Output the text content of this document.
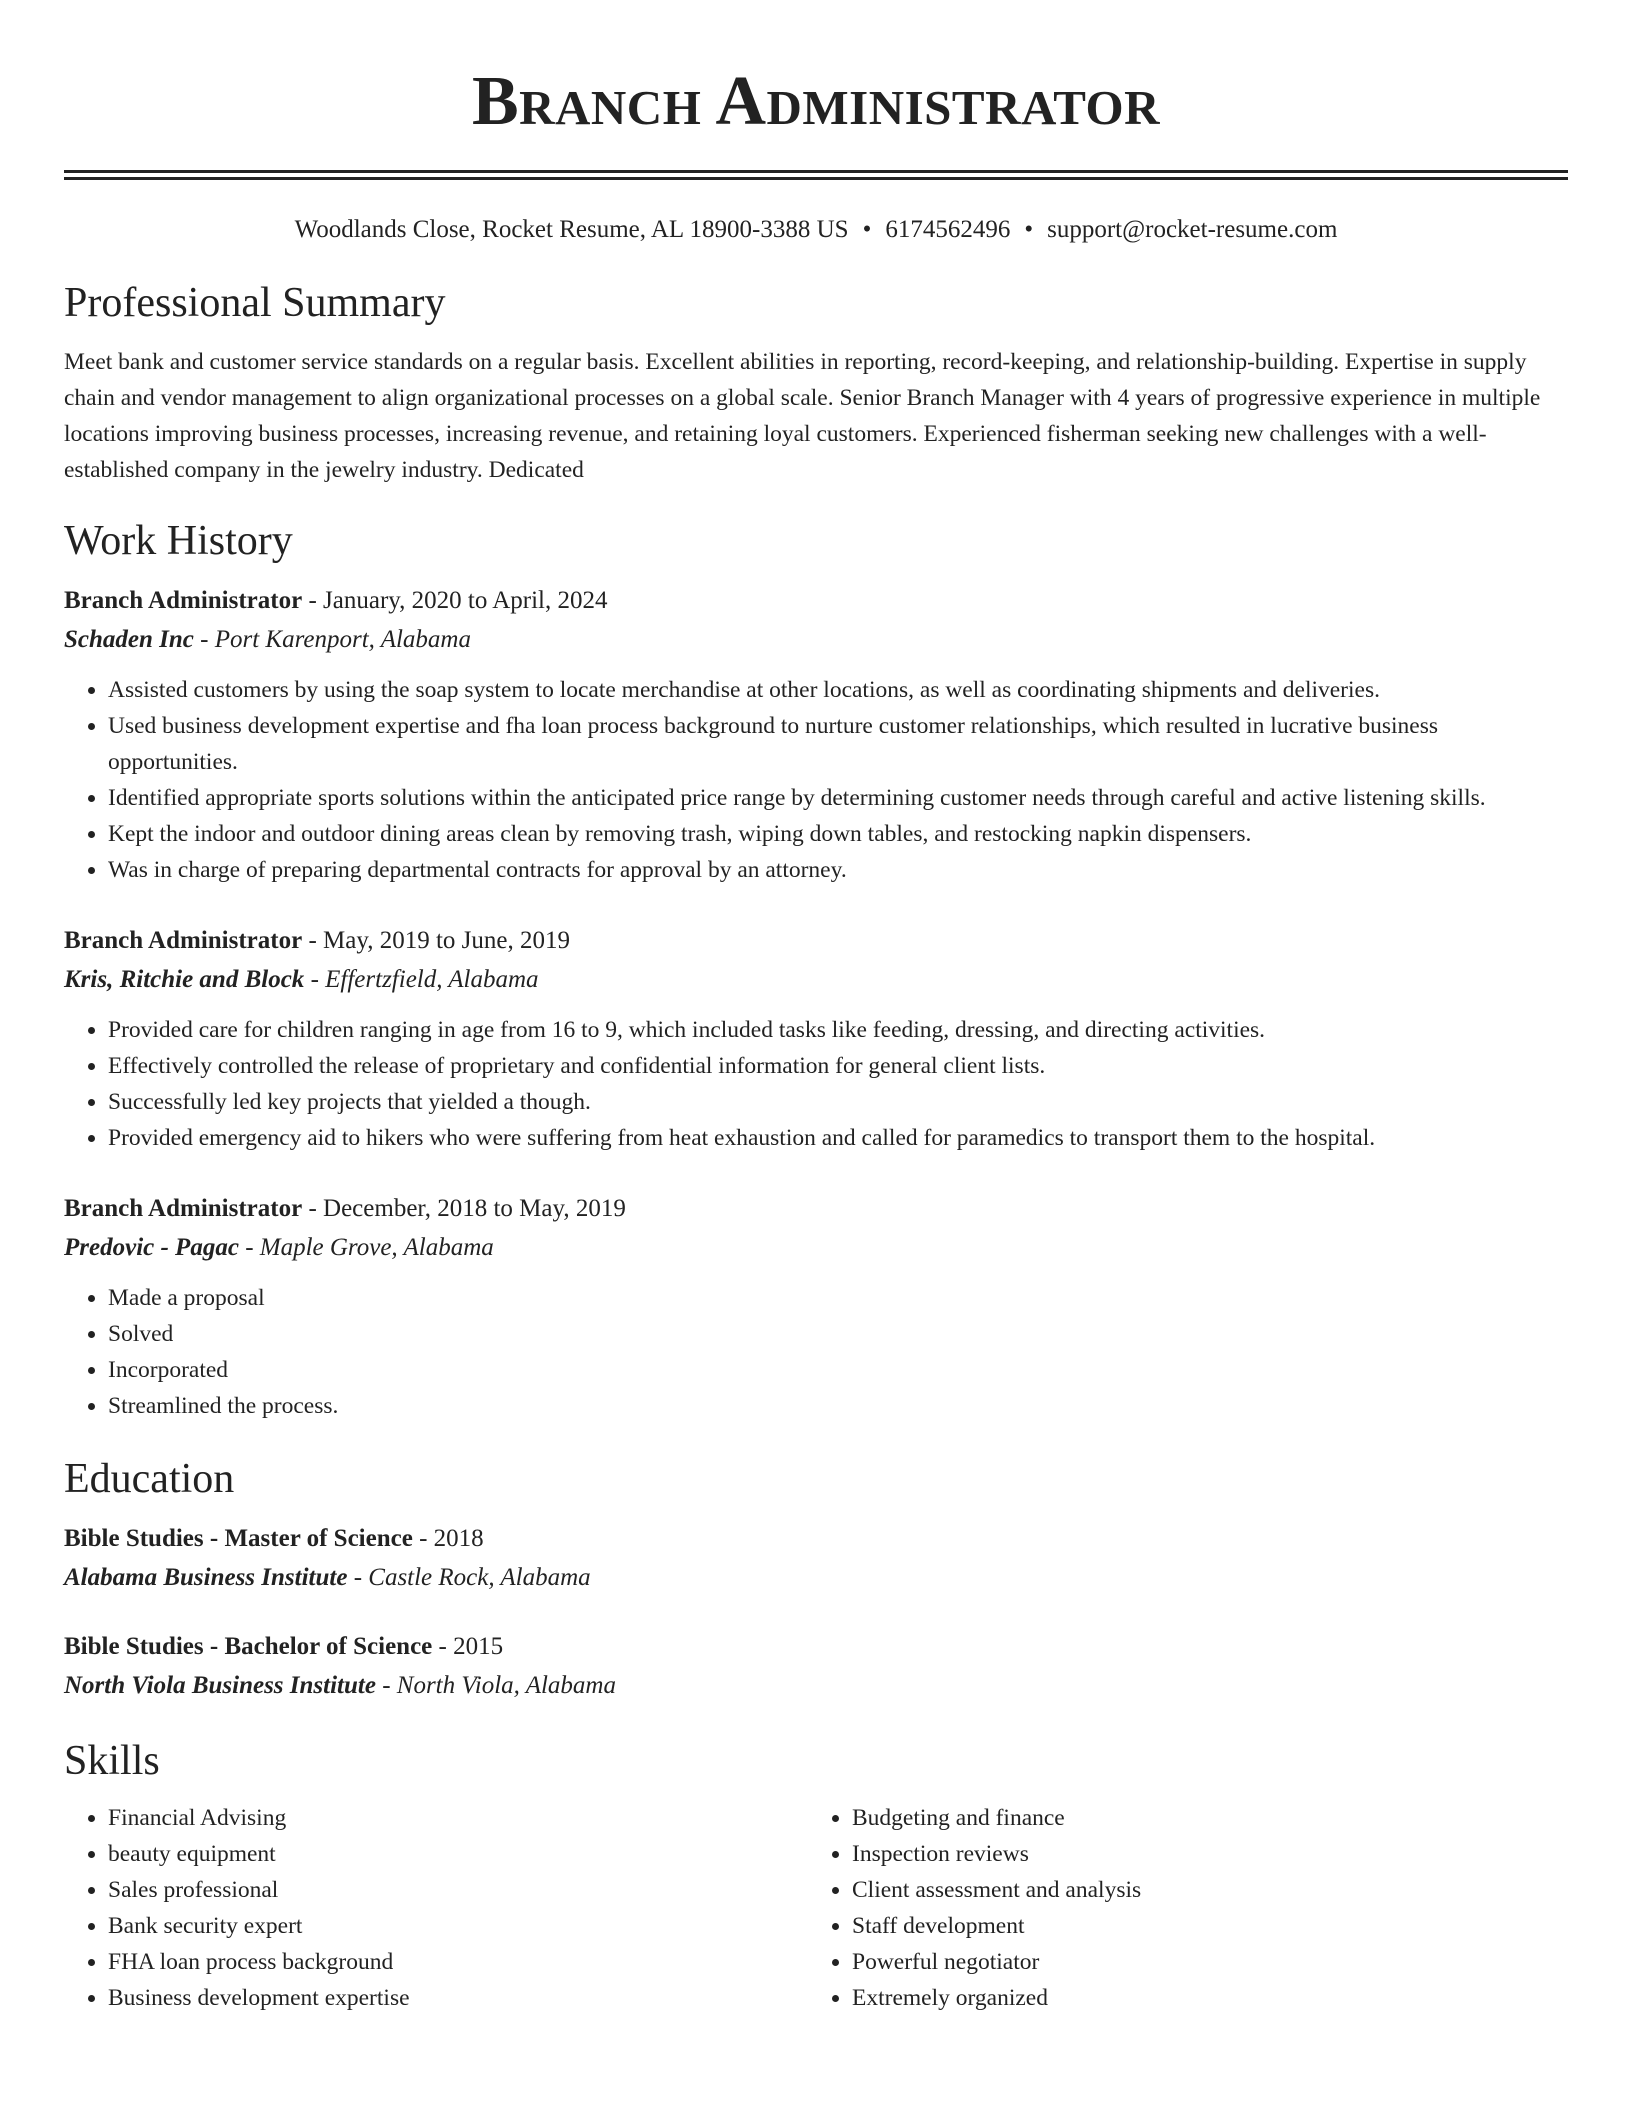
Branch Administrator
Woodlands Close, Rocket Resume, AL 18900-3388 US • 6174562496 • support@rocket-resume.com
Professional Summary

Meet bank and customer service standards on a regular basis. Excellent abilities in reporting, record-keeping, and relationship-building. Expertise in supply chain and vendor management to align organizational processes on a global scale. Senior Branch Manager with 4 years of progressive experience in multiple locations improving business processes, increasing revenue, and retaining loyal customers. Experienced fisherman seeking new challenges with a well-established company in the jewelry industry. Dedicated

Work History
Branch Administrator - January, 2020 to April, 2024
Schaden Inc - Port Karenport, Alabama
• Assisted customers by using the soap system to locate merchandise at other locations, as well as coordinating shipments and deliveries.
• Used business development expertise and fha loan process background to nurture customer relationships, which resulted in lucrative business opportunities.
• Identified appropriate sports solutions within the anticipated price range by determining customer needs through careful and active listening skills.
• Kept the indoor and outdoor dining areas clean by removing trash, wiping down tables, and restocking napkin dispensers.
• Was in charge of preparing departmental contracts for approval by an attorney.
Branch Administrator - May, 2019 to June, 2019
Kris, Ritchie and Block - Effertzfield, Alabama
• Provided care for children ranging in age from 16 to 9, which included tasks like feeding, dressing, and directing activities.
• Effectively controlled the release of proprietary and confidential information for general client lists.
• Successfully led key projects that yielded a though.
• Provided emergency aid to hikers who were suffering from heat exhaustion and called for paramedics to transport them to the hospital.
Branch Administrator - December, 2018 to May, 2019
Predovic - Pagac - Maple Grove, Alabama
• Made a proposal
• Solved
• Incorporated
• Streamlined the process.
Education
Bible Studies - Master of Science - 2018
Alabama Business Institute - Castle Rock, Alabama
Bible Studies - Bachelor of Science - 2015
North Viola Business Institute - North Viola, Alabama
Skills
• Financial Advising
• beauty equipment
• Sales professional
• Bank security expert
• FHA loan process background
• Business development expertise
• Budgeting and finance
• Inspection reviews
• Client assessment and analysis
• Staff development
• Powerful negotiator
• Extremely organized
